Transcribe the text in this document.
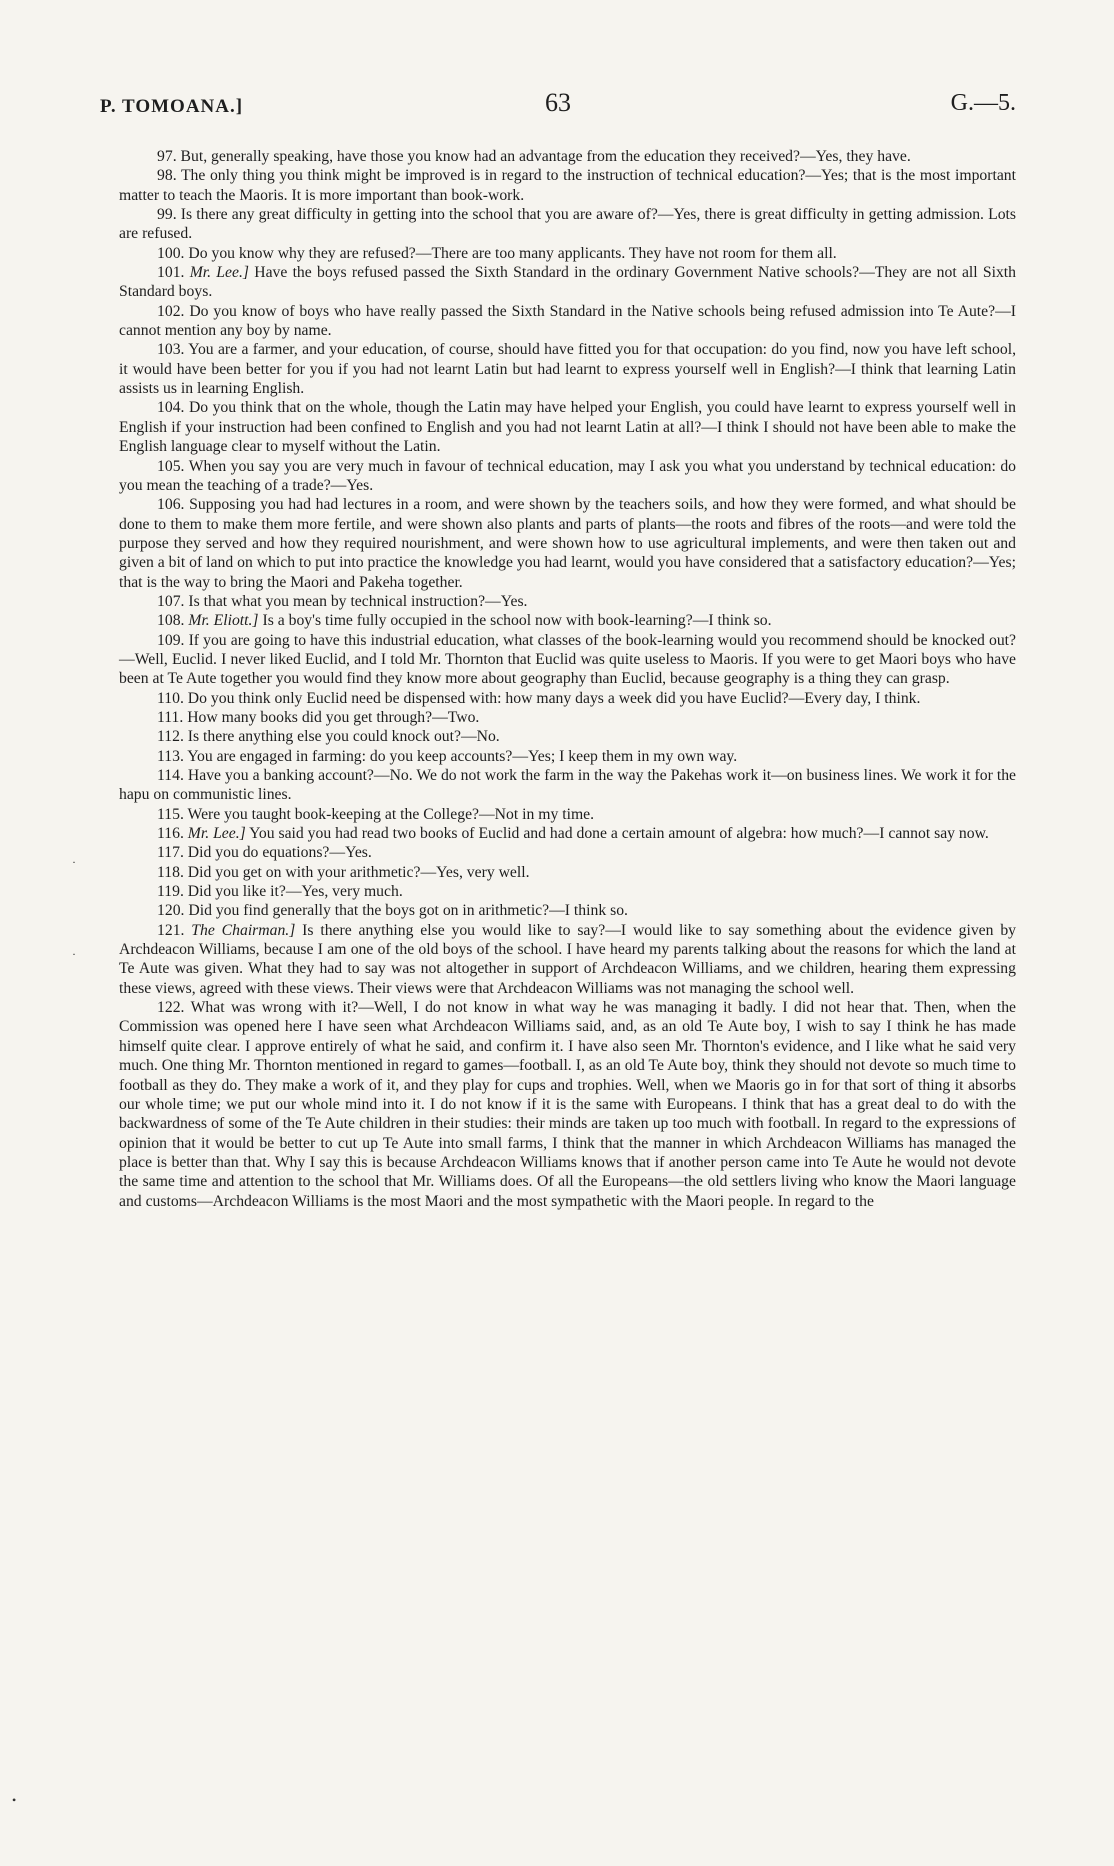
P. TOMOANA.]	63	G.—5.

97. But, generally speaking, have those you know had an advantage from the education they received?—Yes, they have.

98. The only thing you think might be improved is in regard to the instruction of technical education?—Yes; that is the most important matter to teach the Maoris. It is more important than book-work.

99. Is there any great difficulty in getting into the school that you are aware of?—Yes, there is great difficulty in getting admission. Lots are refused.

100. Do you know why they are refused?—There are too many applicants. They have not room for them all.

101. Mr. Lee.] Have the boys refused passed the Sixth Standard in the ordinary Government Native schools?—They are not all Sixth Standard boys.

102. Do you know of boys who have really passed the Sixth Standard in the Native schools being refused admission into Te Aute?—I cannot mention any boy by name.

103. You are a farmer, and your education, of course, should have fitted you for that occupation: do you find, now you have left school, it would have been better for you if you had not learnt Latin but had learnt to express yourself well in English?—I think that learning Latin assists us in learning English.

104. Do you think that on the whole, though the Latin may have helped your English, you could have learnt to express yourself well in English if your instruction had been confined to English and you had not learnt Latin at all?—I think I should not have been able to make the English language clear to myself without the Latin.

105. When you say you are very much in favour of technical education, may I ask you what you understand by technical education: do you mean the teaching of a trade?—Yes.

106. Supposing you had had lectures in a room, and were shown by the teachers soils, and how they were formed, and what should be done to them to make them more fertile, and were shown also plants and parts of plants—the roots and fibres of the roots—and were told the purpose they served and how they required nourishment, and were shown how to use agricultural implements, and were then taken out and given a bit of land on which to put into practice the knowledge you had learnt, would you have considered that a satisfactory education?—Yes; that is the way to bring the Maori and Pakeha together.

107. Is that what you mean by technical instruction?—Yes.

108. Mr. Eliott.] Is a boy's time fully occupied in the school now with book-learning?—I think so.

109. If you are going to have this industrial education, what classes of the book-learning would you recommend should be knocked out?—Well, Euclid. I never liked Euclid, and I told Mr. Thornton that Euclid was quite useless to Maoris. If you were to get Maori boys who have been at Te Aute together you would find they know more about geography than Euclid, because geography is a thing they can grasp.

110. Do you think only Euclid need be dispensed with: how many days a week did you have Euclid?—Every day, I think.

111. How many books did you get through?—Two.

112. Is there anything else you could knock out?—No.

113. You are engaged in farming: do you keep accounts?—Yes; I keep them in my own way.

114. Have you a banking account?—No. We do not work the farm in the way the Pakehas work it—on business lines. We work it for the hapu on communistic lines.

115. Were you taught book-keeping at the College?—Not in my time.

116. Mr. Lee.] You said you had read two books of Euclid and had done a certain amount of algebra: how much?—I cannot say now.

117. Did you do equations?—Yes.

118. Did you get on with your arithmetic?—Yes, very well.

119. Did you like it?—Yes, very much.

120. Did you find generally that the boys got on in arithmetic?—I think so.

121. The Chairman.] Is there anything else you would like to say?—I would like to say something about the evidence given by Archdeacon Williams, because I am one of the old boys of the school. I have heard my parents talking about the reasons for which the land at Te Aute was given. What they had to say was not altogether in support of Archdeacon Williams, and we children, hearing them expressing these views, agreed with these views. Their views were that Archdeacon Williams was not managing the school well.

122. What was wrong with it?—Well, I do not know in what way he was managing it badly. I did not hear that. Then, when the Commission was opened here I have seen what Archdeacon Williams said, and, as an old Te Aute boy, I wish to say I think he has made himself quite clear. I approve entirely of what he said, and confirm it. I have also seen Mr. Thornton's evidence, and I like what he said very much. One thing Mr. Thornton mentioned in regard to games—football. I, as an old Te Aute boy, think they should not devote so much time to football as they do. They make a work of it, and they play for cups and trophies. Well, when we Maoris go in for that sort of thing it absorbs our whole time; we put our whole mind into it. I do not know if it is the same with Europeans. I think that has a great deal to do with the backwardness of some of the Te Aute children in their studies: their minds are taken up too much with football. In regard to the expressions of opinion that it would be better to cut up Te Aute into small farms, I think that the manner in which Archdeacon Williams has managed the place is better than that. Why I say this is because Archdeacon Williams knows that if another person came into Te Aute he would not devote the same time and attention to the school that Mr. Williams does. Of all the Europeans—the old settlers living who know the Maori language and customs—Archdeacon Williams is the most Maori and the most sympathetic with the Maori people. In regard to the

·
·
•
